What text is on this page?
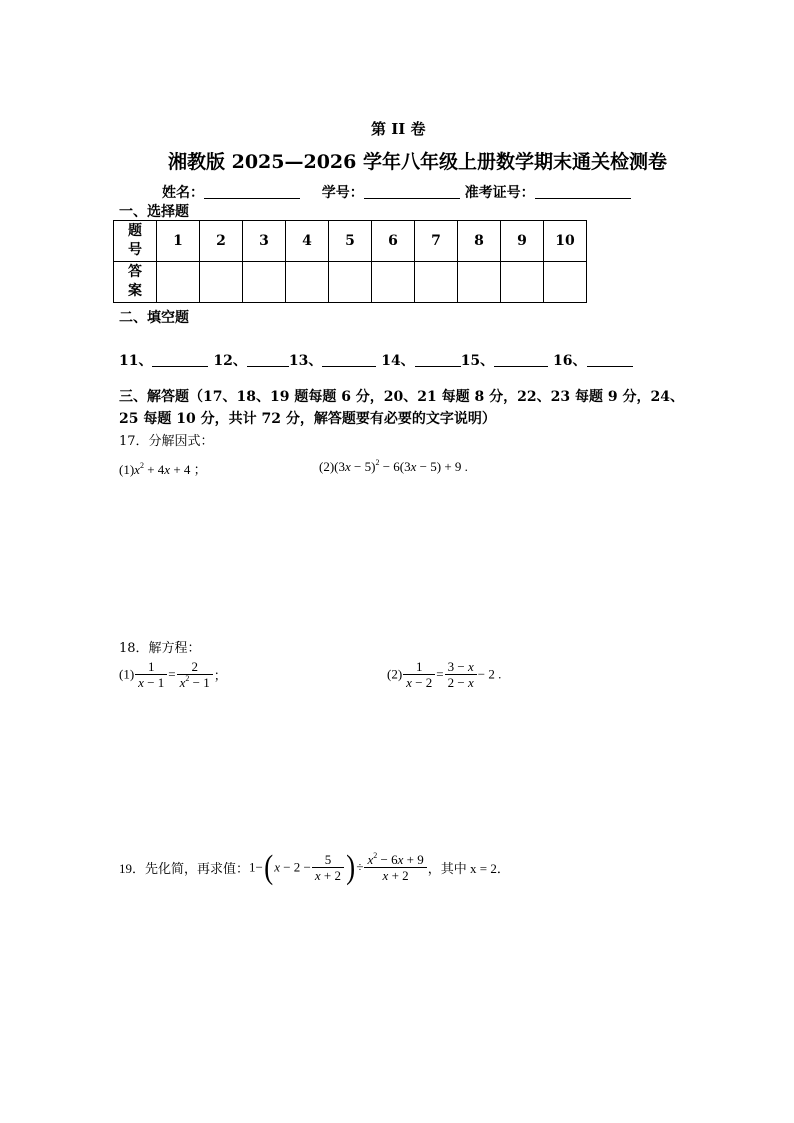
第 II 卷
湘教版 2025—2026 学年八年级上册数学期末通关检测卷
姓名：	学号：	准考证号：
一、选择题
题号	1	2	3	4	5	6	7	8	9	10
答案										
二、填空题
11、	12、	13、	14、	15、	16、
三、解答题（17、18、19 题每题 6 分，20、21 每题 8 分，22、23 每题 9 分，24、
25 每题 10 分，共计 72 分，解答题要有必要的文字说明）
17．分解因式：
$(1)x^2 + 4x + 4$ ；	$(2)(3x - 5)^2 - 6(3x - 5) + 9$ .
18．解方程：
$(1) \frac{1}{x - 1} = \frac{2}{x^2 - 1}$ ；	$(2) \frac{1}{x - 2} = \frac{3 - x}{2 - x} - 2$ .
19．先化简，再求值：$1-(x - 2 - \frac{5}{x + 2}$ )÷ $\frac{x^2 - 6x + 9}{x + 2}$ ，其中 x = 2．
